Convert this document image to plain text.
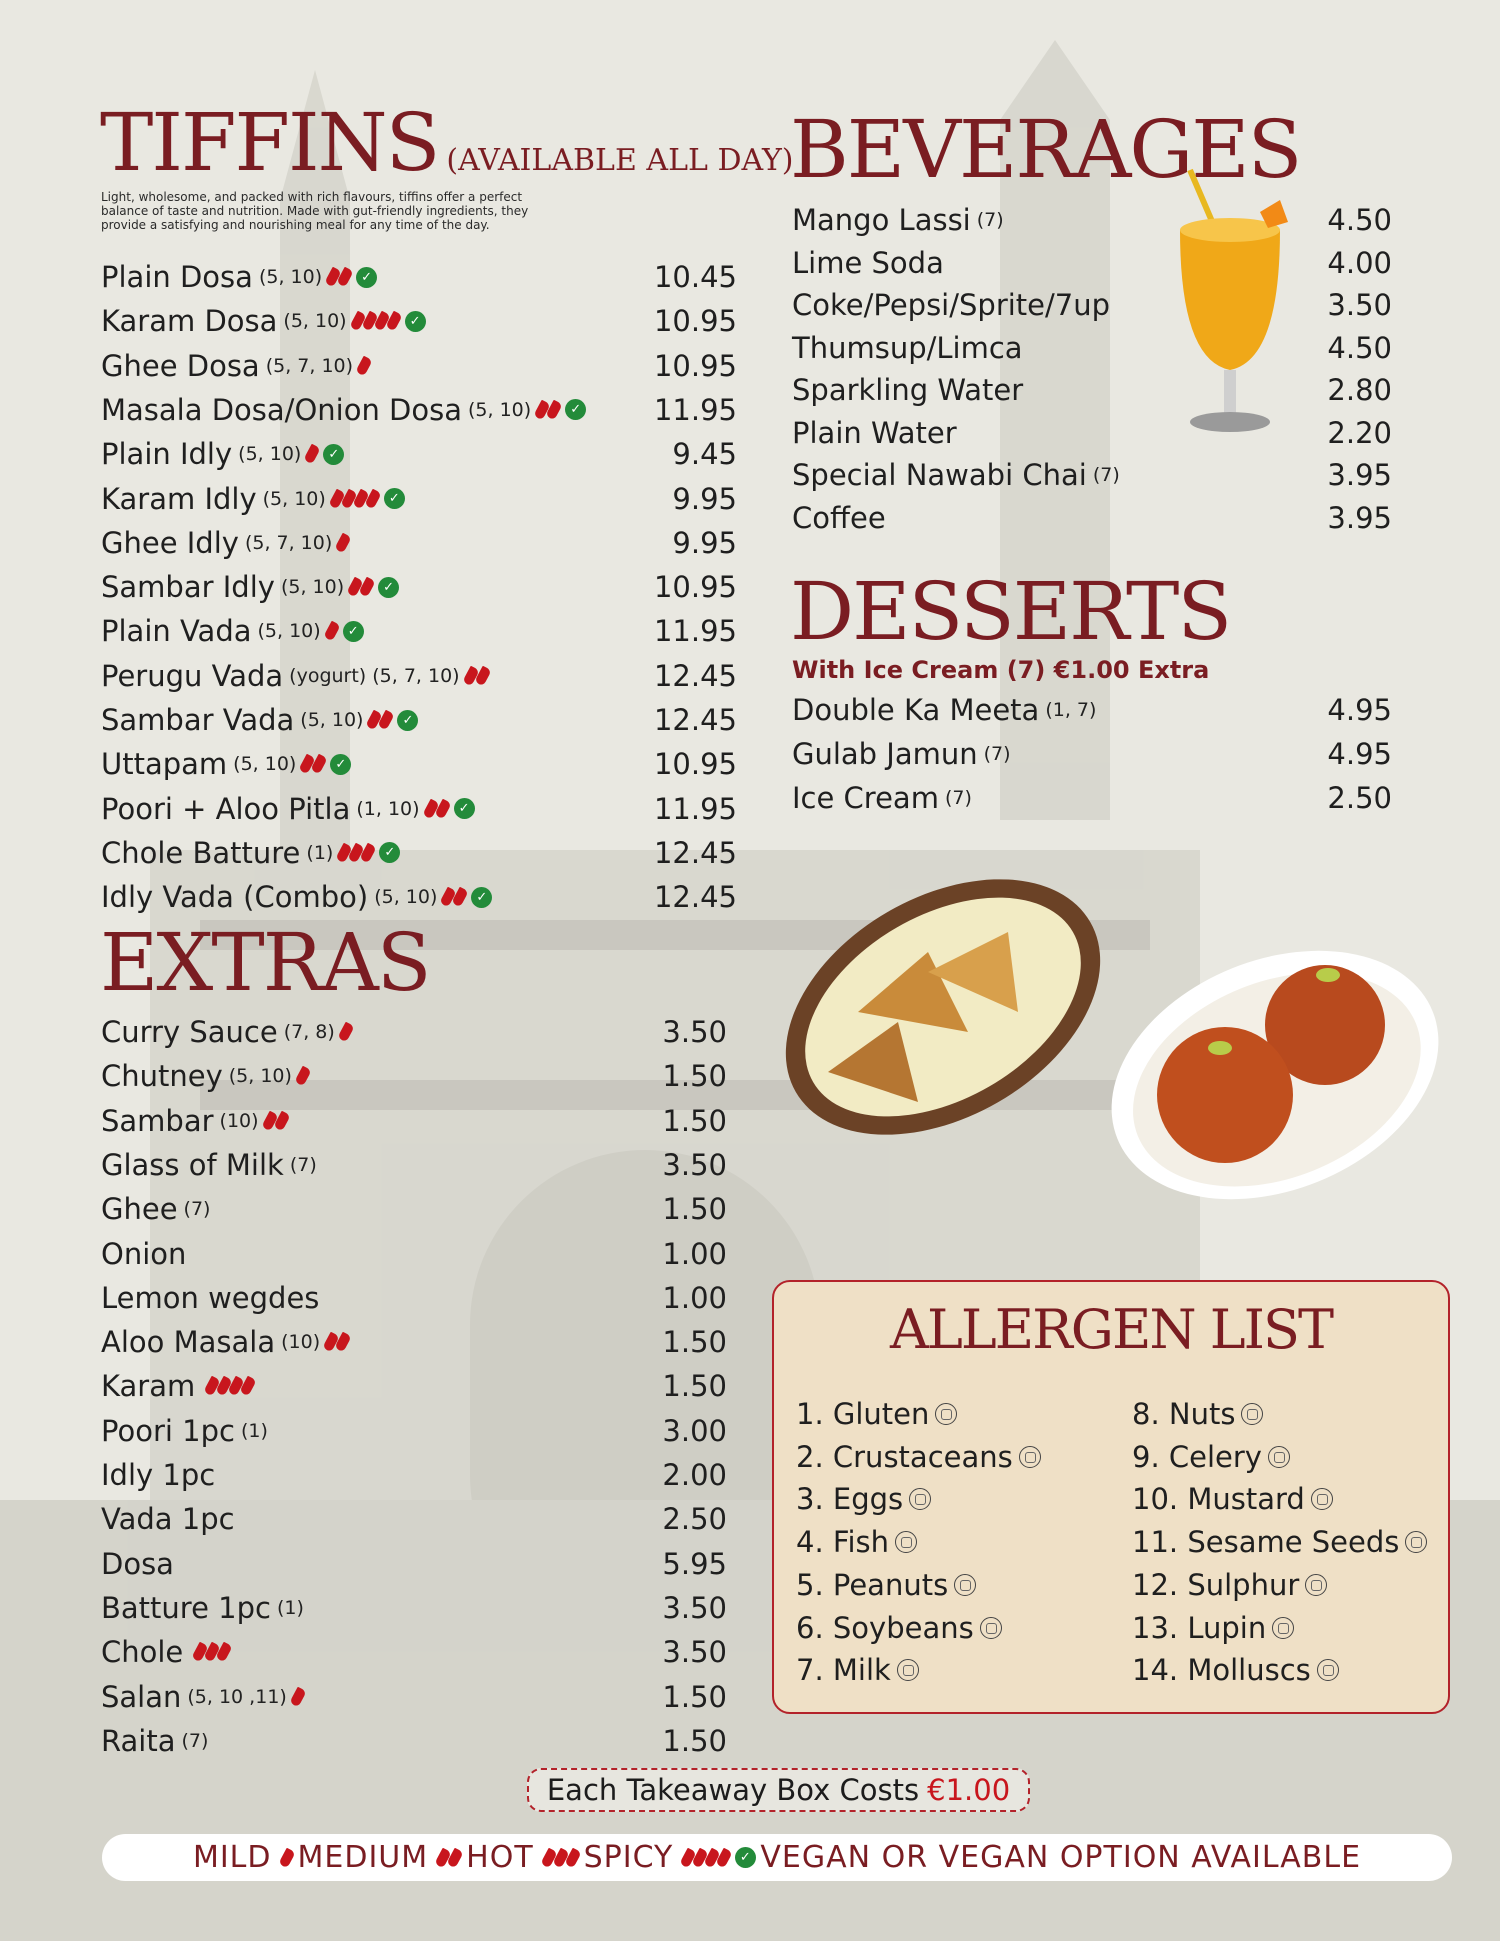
TIFFINS (AVAILABLE ALL DAY)
Light, wholesome, and packed with rich flavours, tiffins offer a perfect balance of taste and nutrition. Made with gut-friendly ingredients, they provide a satisfying and nourishing meal for any time of the day.
Plain Dosa (5, 10)	✓	10.45
Karam Dosa (5, 10)	✓	10.95
Ghee Dosa (5, 7, 10)	10.95
Masala Dosa/Onion Dosa (5, 10)	✓	11.95
Plain Idly (5, 10)	✓	9.45
Karam Idly (5, 10)	✓	9.95
Ghee Idly (5, 7, 10)	9.95
Sambar Idly (5, 10)	✓	10.95
Plain Vada (5, 10)	✓	11.95
Perugu Vada (yogurt) (5, 7, 10)	12.45
Sambar Vada (5, 10)	✓	12.45
Uttapam (5, 10)	✓	10.95
Poori + Aloo Pitla (1, 10)	✓	11.95
Chole Batture (1)	✓	12.45
Idly Vada (Combo) (5, 10)	✓	12.45
EXTRAS
Curry Sauce (7, 8)	3.50
Chutney (5, 10)	1.50
Sambar (10)	1.50
Glass of Milk (7)	3.50
Ghee (7)	1.50
Onion	1.00
Lemon wegdes	1.00
Aloo Masala (10)	1.50
Karam	1.50
Poori 1pc (1)	3.00
Idly 1pc	2.00
Vada 1pc	2.50
Dosa	5.95
Batture 1pc (1)	3.50
Chole	3.50
Salan (5, 10 ,11)	1.50
Raita (7)	1.50
BEVERAGES
Mango Lassi (7)	4.50
Lime Soda	4.00
Coke/Pepsi/Sprite/7up	3.50
Thumsup/Limca	4.50
Sparkling Water	2.80
Plain Water	2.20
Special Nawabi Chai (7)	3.95
Coffee	3.95
DESSERTS
With Ice Cream (7) €1.00 Extra
Double Ka Meeta (1, 7)	4.95
Gulab Jamun (7)	4.95
Ice Cream (7)	2.50
ALLERGEN LIST
1. Gluten
2. Crustaceans
3. Eggs
4. Fish
5. Peanuts
6. Soybeans
7. Milk
8. Nuts
9. Celery
10. Mustard
11. Sesame Seeds
12. Sulphur
13. Lupin
14. Molluscs
Each Takeaway Box Costs €1.00
MILD MEDIUM HOT SPICY	✓ VEGAN OR VEGAN OPTION AVAILABLE
